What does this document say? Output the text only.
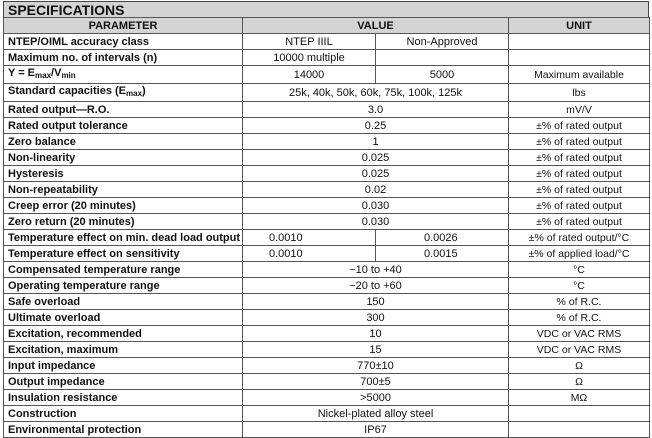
SPECIFICATIONS
PARAMETER	VALUE		UNIT
NTEP/OIML accuracy class	NTEP IIIL	Non-Approved	
Maximum no. of intervals (n)	10000 multiple		
$Y = E_{max}/V_{min}$	14000	5000	Maximum available
Standard capacities $(E_{max})$	25k, 40k, 50k, 60k, 75k, 100k, 125k		lbs
Rated output—R.O.	3.0		mV/V
Rated output tolerance	0.25		±% of rated output
Zero balance	1		±% of rated output
Non-linearity	0.025		±% of rated output
Hysteresis	0.025		±% of rated output
Non-repeatability	0.02		±% of rated output
Creep error (20 minutes)	0.030		±% of rated output
Zero return (20 minutes)	0.030		±% of rated output
Temperature effect on min. dead load output	0.0010	0.0026	±% of rated output/°C
Temperature effect on sensitivity	0.0010	0.0015	±% of applied load/°C
Compensated temperature range	−10 to +40		°C
Operating temperature range	−20 to +60		°C
Safe overload	150		% of R.C.
Ultimate overload	300		% of R.C.
Excitation, recommended	10		VDC or VAC RMS
Excitation, maximum	15		VDC or VAC RMS
Input impedance	770±10		Ω
Output impedance	700±5		Ω
Insulation resistance	>5000		MΩ
Construction	Nickel-plated alloy steel		
Environmental protection	IP67		
